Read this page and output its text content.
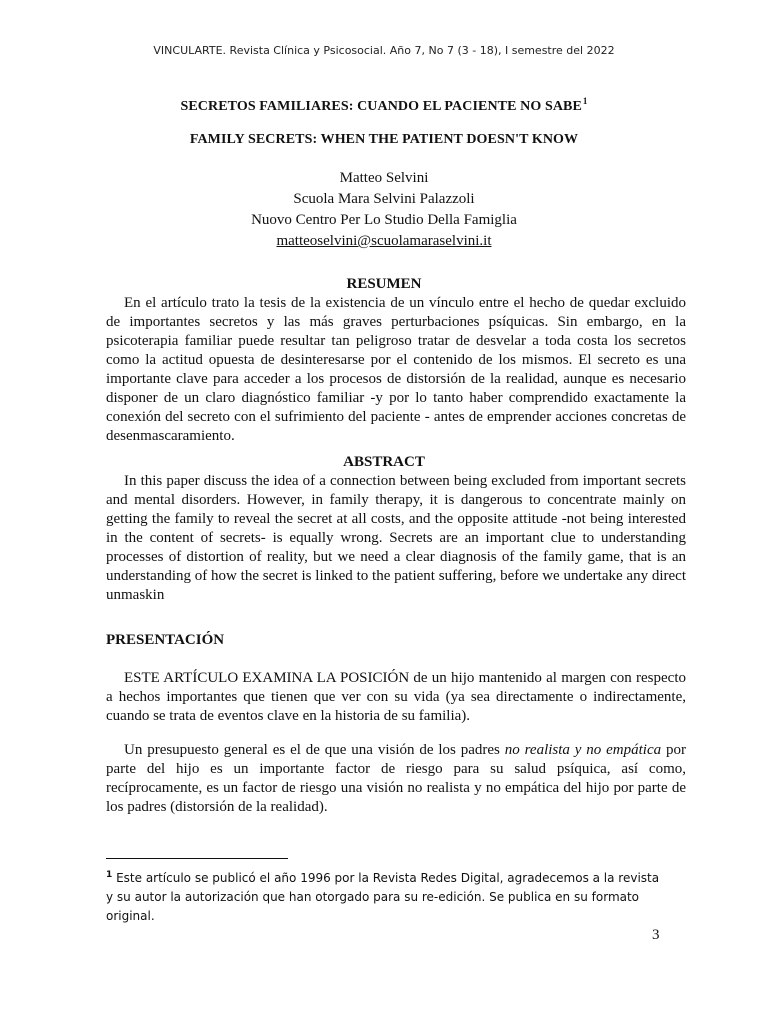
VINCULARTE. Revista Clínica y Psicosocial. Año 7, No 7 (3 - 18), I semestre del 2022
SECRETOS FAMILIARES: CUANDO EL PACIENTE NO SABE$^1$
FAMILY SECRETS: WHEN THE PATIENT DOESN'T KNOW
Matteo Selvini
Scuola Mara Selvini Palazzoli
Nuovo Centro Per Lo Studio Della Famiglia
matteoselvini@scuolamaraselvini.it
RESUMEN
En el artículo trato la tesis de la existencia de un vínculo entre el hecho de quedar excluido de importantes secretos y las más graves perturbaciones psíquicas. Sin embargo, en la psicoterapia familiar puede resultar tan peligroso tratar de desvelar a toda costa los secretos como la actitud opuesta de desinteresarse por el contenido de los mismos. El secreto es una importante clave para acceder a los procesos de distorsión de la realidad, aunque es necesario disponer de un claro diagnóstico familiar -y por lo tanto haber comprendido exactamente la conexión del secreto con el sufrimiento del paciente - antes de emprender acciones concretas de desenmascaramiento.
ABSTRACT
In this paper discuss the idea of a connection between being excluded from important secrets and mental disorders. However, in family therapy, it is dangerous to concentrate mainly on getting the family to reveal the secret at all costs, and the opposite attitude -not being interested in the content of secrets- is equally wrong. Secrets are an important clue to understanding processes of distortion of reality, but we need a clear diagnosis of the family game, that is an understanding of how the secret is linked to the patient suffering, before we undertake any direct unmaskin
PRESENTACIÓN
ESTE ARTÍCULO EXAMINA LA POSICIÓN de un hijo mantenido al margen con respecto a hechos importantes que tienen que ver con su vida (ya sea directamente o indirectamente, cuando se trata de eventos clave en la historia de su familia).
Un presupuesto general es el de que una visión de los padres no realista y no empática por parte del hijo es un importante factor de riesgo para su salud psíquica, así como, recíprocamente, es un factor de riesgo una visión no realista y no empática del hijo por parte de los padres (distorsión de la realidad).
$^1$ Este artículo se publicó el año 1996 por la Revista Redes Digital, agradecemos a la revista y su autor la autorización que han otorgado para su re-edición. Se publica en su formato original.
3
